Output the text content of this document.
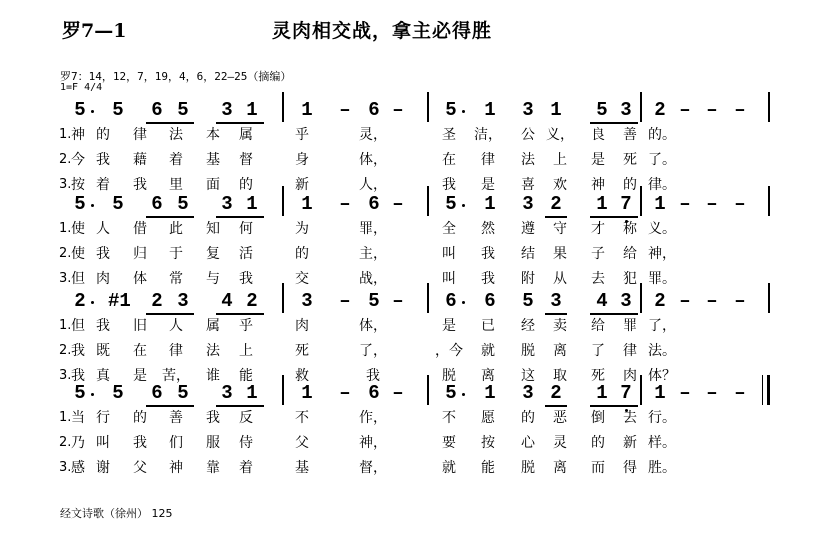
罗7—1	灵肉相交战，拿主必得胜
罗7：14，12，7，19，4，6，22—25（摘编）
1=F 4/4
5 5 6 5 3 1 1 – 6 – 5 1 3 1 5 3 2 – – –
1. 神 的	律	法	本	属	乎	灵，	圣	洁，	公 义，	良	善 的。
2. 今 我	藉	着	基	督	身	体，	在	律	法	上	是	死 了。
3. 按 着	我	里	面	的	新	人，	我	是	喜	欢	神	的 律。
5 5 6 5 3 1 1 – 6 – 5 1 3 2 1 7 1 – – –
1. 使 人	借	此	知	何	为	罪，	全	然	遵	守	才	称 义。
2. 使 我	归	于	复	活	的	主，	叫	我	结	果	子	给 神，
3. 但 肉	体	常	与	我	交	战，	叫	我	附	从	去	犯 罪。
2 #1 2 3 4 2 3 – 5 – 6 6 5 3 4 3 2 – – –
1. 但 我	旧	人	属	乎	肉	体，	是	已	经	卖	给	罪 了，
2. 我 既	在	律	法	上	死	了，	，今	就	脱	离	了	律 法。
3. 我 真	是	苦，	谁	能	救	我	脱	离	这	取	死	肉 体？
5 5 6 5 3 1 1 – 6 – 5 1 3 2 1 7 1 – – –
1. 当 行	的	善	我	反	不	作，	不	愿	的	恶	倒	去 行。
2. 乃 叫	我	们	服	侍	父	神，	要	按	心	灵	的	新 样。
3. 感 谢	父	神	靠	着	基	督，	就	能	脱	离	而	得 胜。
经文诗歌（徐州） 125
